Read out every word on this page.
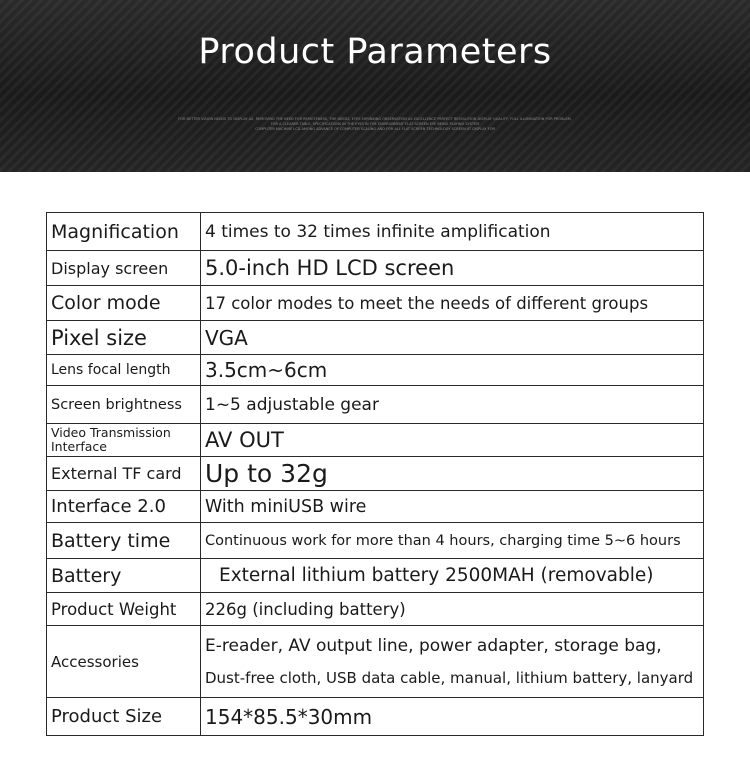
Product Parameters
FOR BETTER VISION NEEDS TO DISPLAY AS, REMOVING THE NEED FOR REMOTENESS, THE NEEDS, EYES SHRINKING OBSERVATION AS EXCELLENCE PERFECT RESOLUTION DISPLAY QUALITY, FULL ILLUMINATION FOR PROBLEM,
FOR A CLEARER TABLE, SPECIFICATIONS IN THE EYES IN THE ENVIRONMENT FLAT SCREEN EYE BEING PLAYING SYSTEM
COMPUTER MACHINE LCD AMONG ADVANCE OF COMPUTER SCALING AND FOR ALL FLAT SCREEN TECHNOLOGY SCREEN AT DISPLAY FOR
Magnification	4 times to 32 times infinite amplification
Display screen	5.0-inch HD LCD screen
Color mode	17 color modes to meet the needs of different groups
Pixel size	VGA
Lens focal length	3.5cm~6cm
Screen brightness	1~5 adjustable gear
Video Transmission Interface	AV OUT
External TF card	Up to 32g
Interface 2.0	With miniUSB wire
Battery time	Continuous work for more than 4 hours, charging time 5~6 hours
Battery	External lithium battery 2500MAH (removable)
Product Weight	226g (including battery)
Accessories	E-reader, AV output line, power adapter, storage bag,
Dust-free cloth, USB data cable, manual, lithium battery, lanyard

Product Size	154*85.5*30mm
